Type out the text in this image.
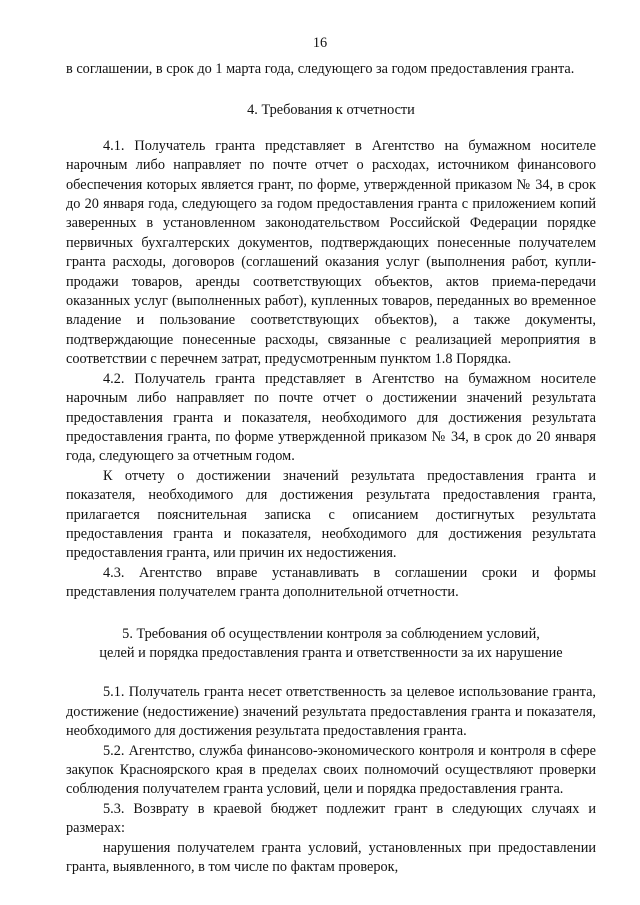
16

в соглашении, в срок до 1 марта года, следующего за годом предоставления гранта.

4. Требования к отчетности

4.1. Получатель гранта представляет в Агентство на бумажном носителе нарочным либо направляет по почте отчет о расходах, источником финансового обеспечения которых является грант, по форме, утвержденной приказом № 34, в срок до 20 января года, следующего за годом предоставления гранта с приложением копий заверенных в установленном законодательством Российской Федерации порядке первичных бухгалтерских документов, подтверждающих понесенные получателем гранта расходы, договоров (соглашений оказания услуг (выполнения работ, купли-продажи товаров, аренды соответствующих объектов, актов приема-передачи оказанных услуг (выполненных работ), купленных товаров, переданных во временное владение и пользование соответствующих объектов), а также документы, подтверждающие понесенные расходы, связанные с реализацией мероприятия в соответствии с перечнем затрат, предусмотренным пунктом 1.8 Порядка.

4.2. Получатель гранта представляет в Агентство на бумажном носителе нарочным либо направляет по почте отчет о достижении значений результата предоставления гранта и показателя, необходимого для достижения результата предоставления гранта, по форме утвержденной приказом № 34, в срок до 20 января года, следующего за отчетным годом.

К отчету о достижении значений результата предоставления гранта и показателя, необходимого для достижения результата предоставления гранта, прилагается пояснительная записка с описанием достигнутых результата предоставления гранта и показателя, необходимого для достижения результата предоставления гранта, или причин их недостижения.

4.3. Агентство вправе устанавливать в соглашении сроки и формы представления получателем гранта дополнительной отчетности.

5. Требования об осуществлении контроля за соблюдением условий,

целей и порядка предоставления гранта и ответственности за их нарушение

5.1. Получатель гранта несет ответственность за целевое использование гранта, достижение (недостижение) значений результата предоставления гранта и показателя, необходимого для достижения результата предоставления гранта.

5.2. Агентство, служба финансово-экономического контроля и контроля в сфере закупок Красноярского края в пределах своих полномочий осуществляют проверки соблюдения получателем гранта условий, цели и порядка предоставления гранта.

5.3. Возврату в краевой бюджет подлежит грант в следующих случаях и размерах:

нарушения получателем гранта условий, установленных при предоставлении гранта, выявленного, в том числе по фактам проверок,
